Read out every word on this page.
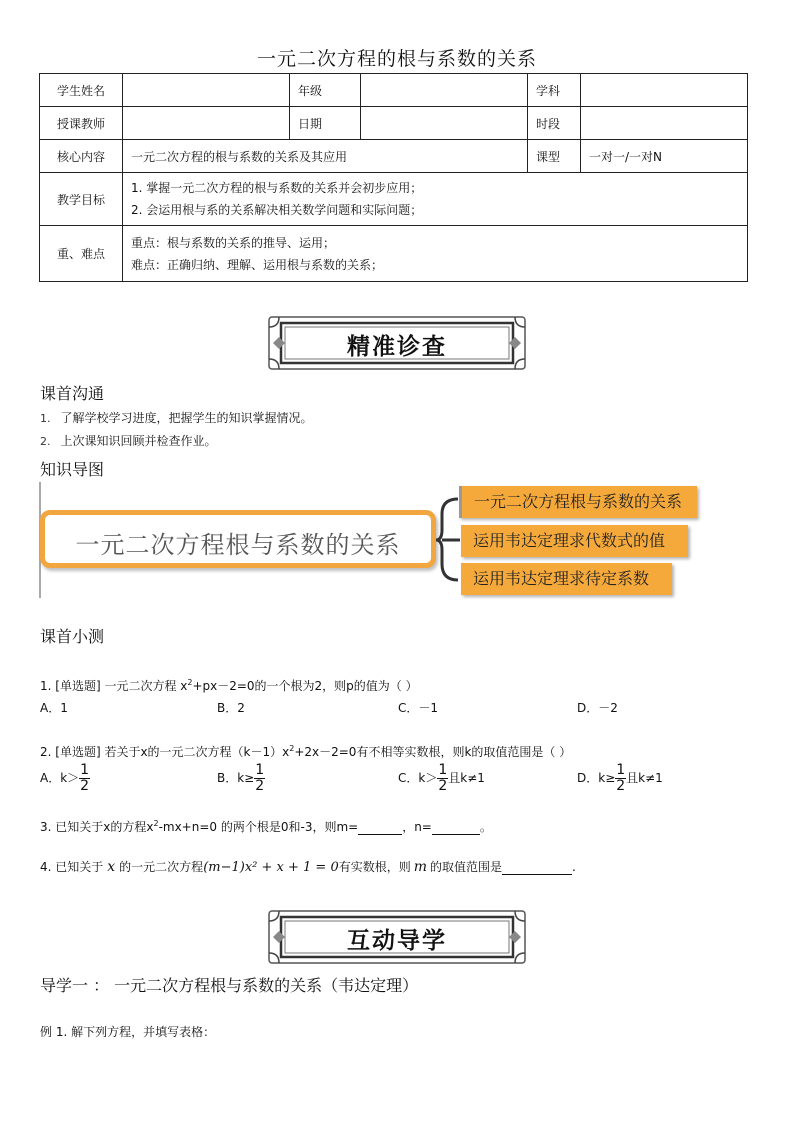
一元二次方程的根与系数的关系
学生姓名		年级		学科	
授课教师		日期		时段	
核心内容	一元二次方程的根与系数的关系及其应用			课型	一对一/一对N
教学目标	1. 掌握一元二次方程的根与系数的关系并会初步应用；
2. 会运用根与系的关系解决相关数学问题和实际问题；				

重、难点	重点：根与系数的关系的推导、运用；
难点：正确归纳、理解、运用根与系数的关系；				
精准诊查
课首沟通
1. 了解学校学习进度，把握学生的知识掌握情况。
2. 上次课知识回顾并检查作业。
知识导图
一元二次方程根与系数的关系
一元二次方程根与系数的关系
运用韦达定理求代数式的值
运用韦达定理求待定系数
课首小测
1. [单选题] 一元二次方程 $x^2+px-2=0$的一个根为2，则p的值为（ ）
A．1	B．2	C．－1	D．－2
2. [单选题] 若关于x的一元二次方程$(k-1)x^2+2x-2=0$有不相等实数根，则k的取值范围是（ ）
A．$k> \frac{1}{2}$	B．$k\ge \frac{1}{2}$	C．$k> \frac{1}{2}$ 且k≠1	D．$k\ge \frac{1}{2}$ 且k≠1
3. 已知关于x的方程$x^2-mx+n=0$ 的两个根是0和-3，则m=	，n=	。
4. 已知关于 x 的一元二次方程(m−1)x² + x + 1 = 0有实数根，则 m 的取值范围是	.
互动导学
导学一 ： 一元二次方程根与系数的关系（韦达定理）
例 1. 解下列方程，并填写表格：
